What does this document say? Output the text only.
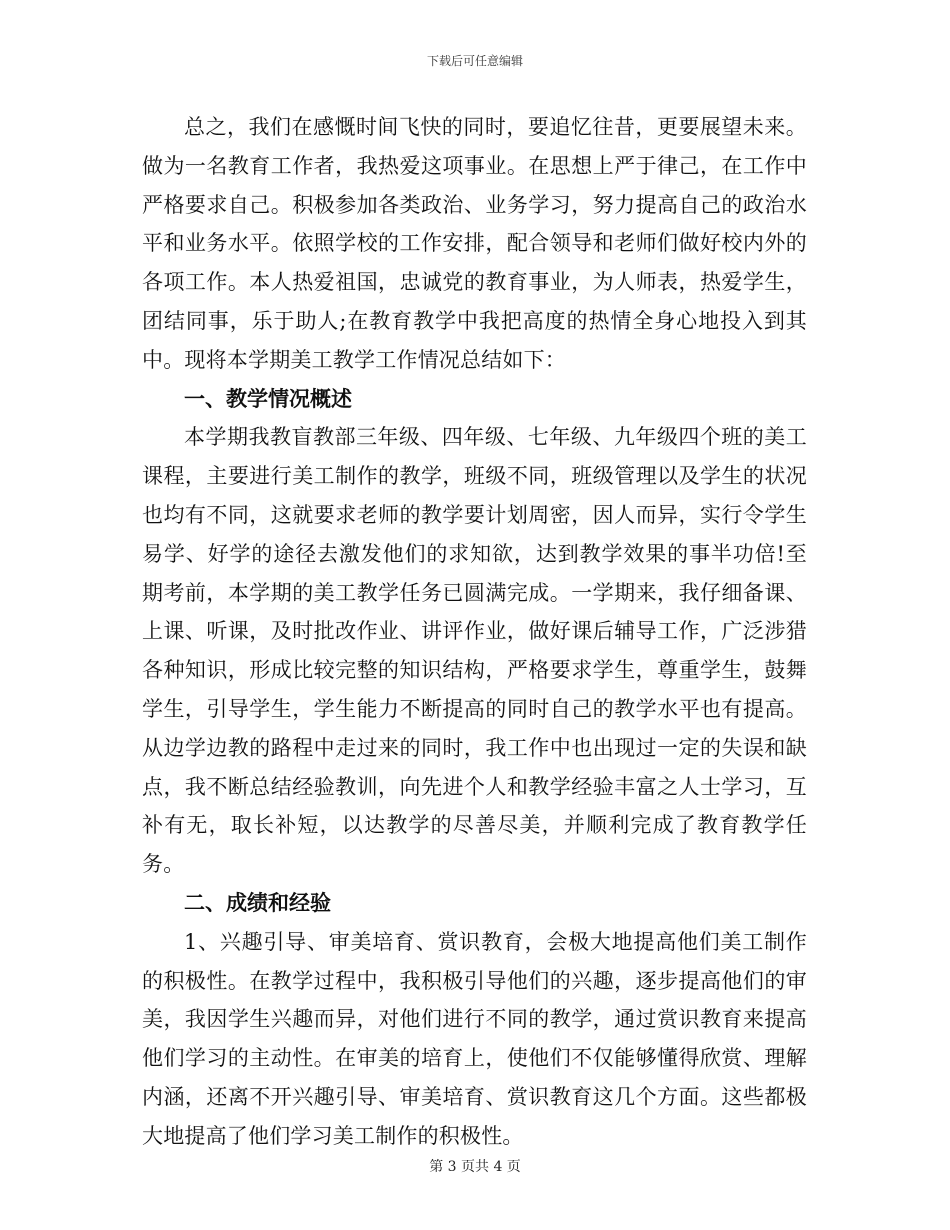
下载后可任意编辑

总之，我们在感慨时间飞快的同时，要追忆往昔，更要展望未来。做为一名教育工作者，我热爱这项事业。在思想上严于律己，在工作中严格要求自己。积极参加各类政治、业务学习，努力提高自己的政治水平和业务水平。依照学校的工作安排，配合领导和老师们做好校内外的各项工作。本人热爱祖国，忠诚党的教育事业，为人师表，热爱学生，团结同事，乐于助人;在教育教学中我把高度的热情全身心地投入到其中。现将本学期美工教学工作情况总结如下：

一、教学情况概述

本学期我教盲教部三年级、四年级、七年级、九年级四个班的美工课程，主要进行美工制作的教学，班级不同，班级管理以及学生的状况也均有不同，这就要求老师的教学要计划周密，因人而异，实行令学生易学、好学的途径去激发他们的求知欲，达到教学效果的事半功倍!至期考前，本学期的美工教学任务已圆满完成。一学期来，我仔细备课、上课、听课，及时批改作业、讲评作业，做好课后辅导工作，广泛涉猎各种知识，形成比较完整的知识结构，严格要求学生，尊重学生，鼓舞学生，引导学生，学生能力不断提高的同时自己的教学水平也有提高。从边学边教的路程中走过来的同时，我工作中也出现过一定的失误和缺点，我不断总结经验教训，向先进个人和教学经验丰富之人士学习，互补有无，取长补短，以达教学的尽善尽美，并顺利完成了教育教学任务。

二、成绩和经验

1、兴趣引导、审美培育、赏识教育，会极大地提高他们美工制作的积极性。在教学过程中，我积极引导他们的兴趣，逐步提高他们的审美，我因学生兴趣而异，对他们进行不同的教学，通过赏识教育来提高他们学习的主动性。在审美的培育上，使他们不仅能够懂得欣赏、理解内涵，还离不开兴趣引导、审美培育、赏识教育这几个方面。这些都极大地提高了他们学习美工制作的积极性。

第 3 页共 4 页
